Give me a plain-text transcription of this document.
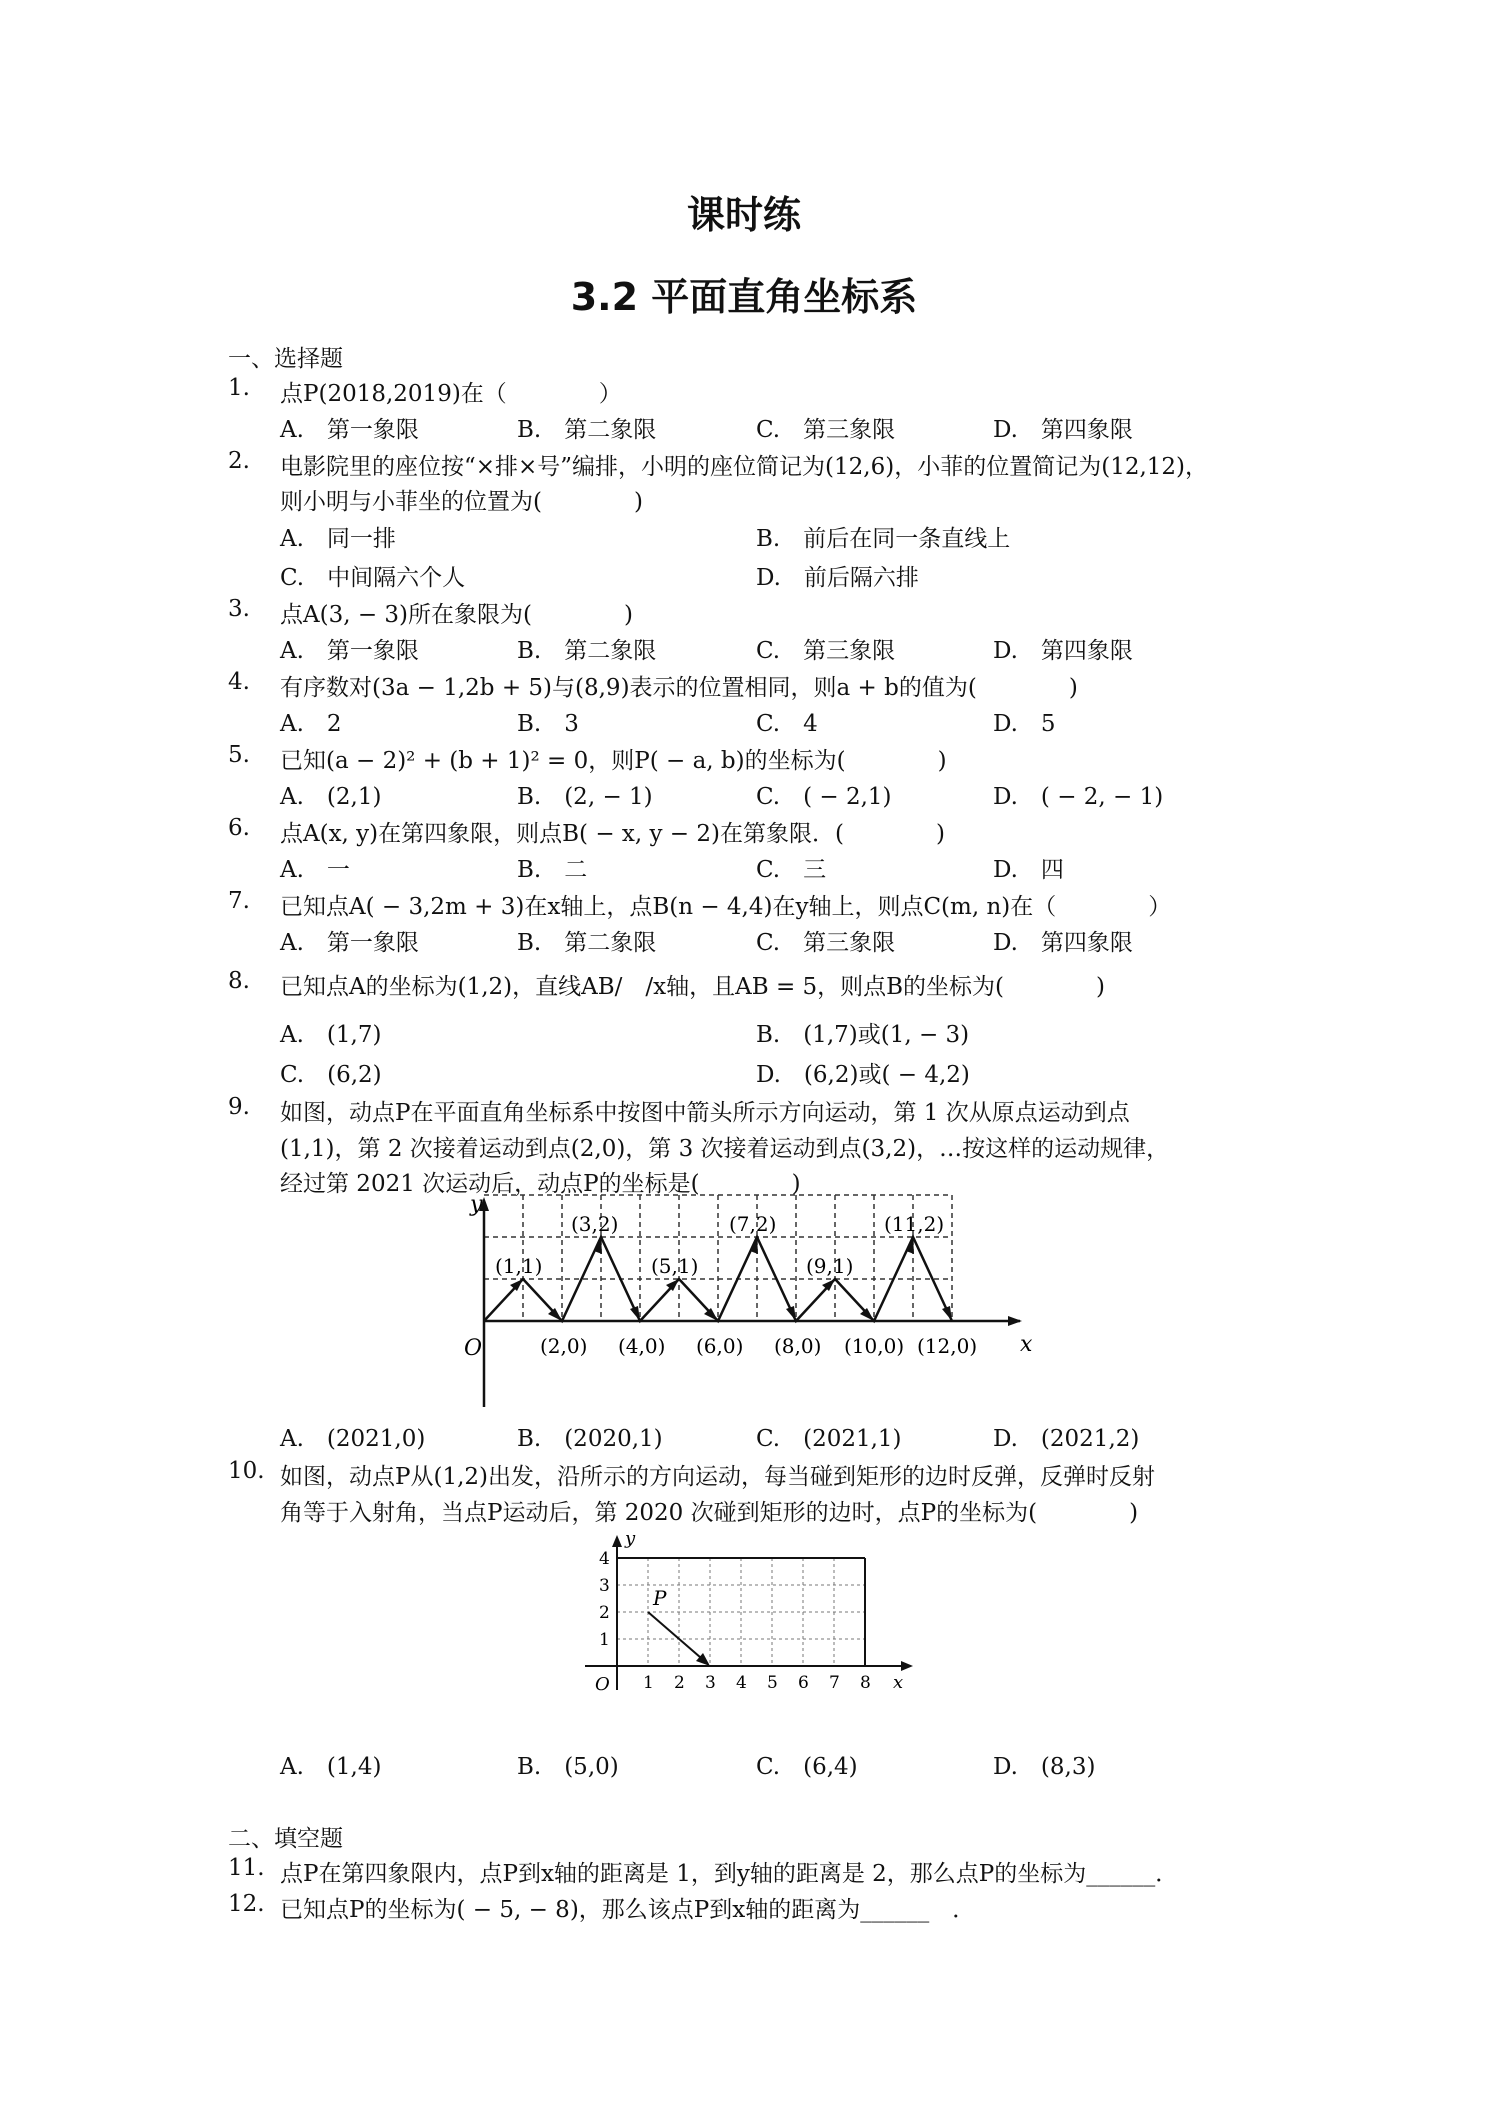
课时练
3.2 平面直角坐标系
一、选择题
1. 点P(2018,2019)在（　　　　）
A.　第一象限	B.　第二象限	C.　第三象限	D.　第四象限
2. 电影院里的座位按“×排×号”编排，小明的座位简记为(12,6)，小菲的位置简记为(12,12)，
则小明与小菲坐的位置为(　　　　)
A.　同一排	B.　前后在同一条直线上
C.　中间隔六个人	D.　前后隔六排
3. 点A(3, − 3)所在象限为(　　　　)
A.　第一象限	B.　第二象限	C.　第三象限	D.　第四象限
4. 有序数对(3a − 1,2b + 5)与(8,9)表示的位置相同，则a + b的值为(　　　　)
A.　2	B.　3	C.　4	D.　5
5. 已知(a − 2)² + (b + 1)² = 0，则P( − a, b)的坐标为(　　　　)
A.　(2,1)	B.　(2, − 1)	C.　( − 2,1)	D.　( − 2, − 1)
6. 点A(x, y)在第四象限，则点B( − x, y − 2)在第象限．(　　　　)
A.　一	B.　二	C.　三	D.　四
7. 已知点A( − 3,2m + 3)在x轴上，点B(n − 4,4)在y轴上，则点C(m, n)在（　　　　）
A.　第一象限	B.　第二象限	C.　第三象限	D.　第四象限
8. 已知点A的坐标为(1,2)，直线AB/　/x轴，且AB = 5，则点B的坐标为(　　　　)
A.　(1,7)	B.　(1,7)或(1, − 3)
C.　(6,2)	D.　(6,2)或( − 4,2)
9. 如图，动点P在平面直角坐标系中按图中箭头所示方向运动，第 1 次从原点运动到点
(1,1)，第 2 次接着运动到点(2,0)，第 3 次接着运动到点(3,2)，…按这样的运动规律，
经过第 2021 次运动后，动点P的坐标是(　　　　)
y
x
O
(1,1)
(3,2)
(5,1)
(7,2)
(9,1)
(11,2)
(2,0) (4,0) (6,0) (8,0) (10,0) (12,0)
A.　(2021,0)	B.　(2020,1)	C.　(2021,1)	D.　(2021,2)
10. 如图，动点P从(1,2)出发，沿所示的方向运动，每当碰到矩形的边时反弹，反弹时反射
角等于入射角，当点P运动后，第 2020 次碰到矩形的边时，点P的坐标为(　　　　)
P
y
x
O 1 2 3 4 5 6 7 8
1
2
3
4
A.　(1,4)	B.　(5,0)	C.　(6,4)	D.　(8,3)
二、填空题
11. 点P在第四象限内，点P到x轴的距离是 1，到y轴的距离是 2，那么点P的坐标为______．
12. 已知点P的坐标为( − 5, − 8)，那么该点P到x轴的距离为______　．
